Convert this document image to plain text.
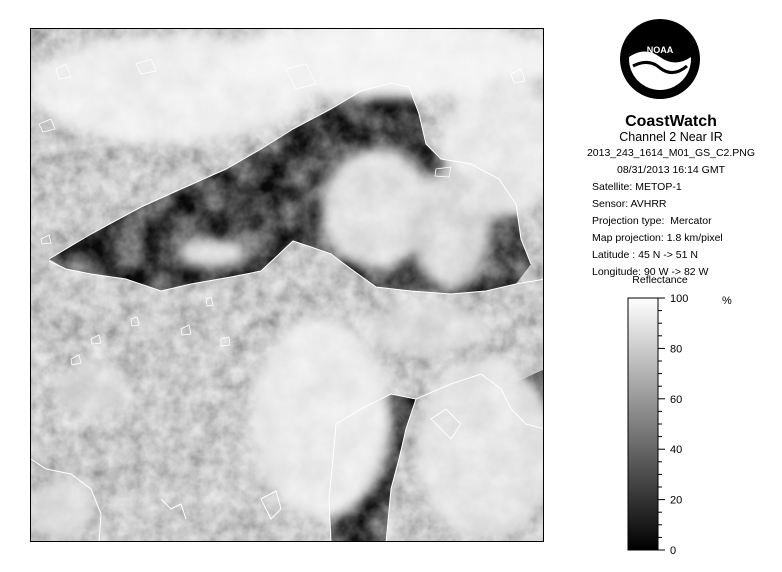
NOAA
CoastWatch
Channel 2 Near IR
2013_243_1614_M01_GS_C2.PNG
08/31/2013 16:14 GMT
Satellite: METOP-1
Sensor: AVHRR
Projection type: Mercator
Map projection: 1.8 km/pixel
Latitude : 45 N -> 51 N
Longitude: 90 W -> 82 W
Reflectance
0
20
40
60
80
100	%
